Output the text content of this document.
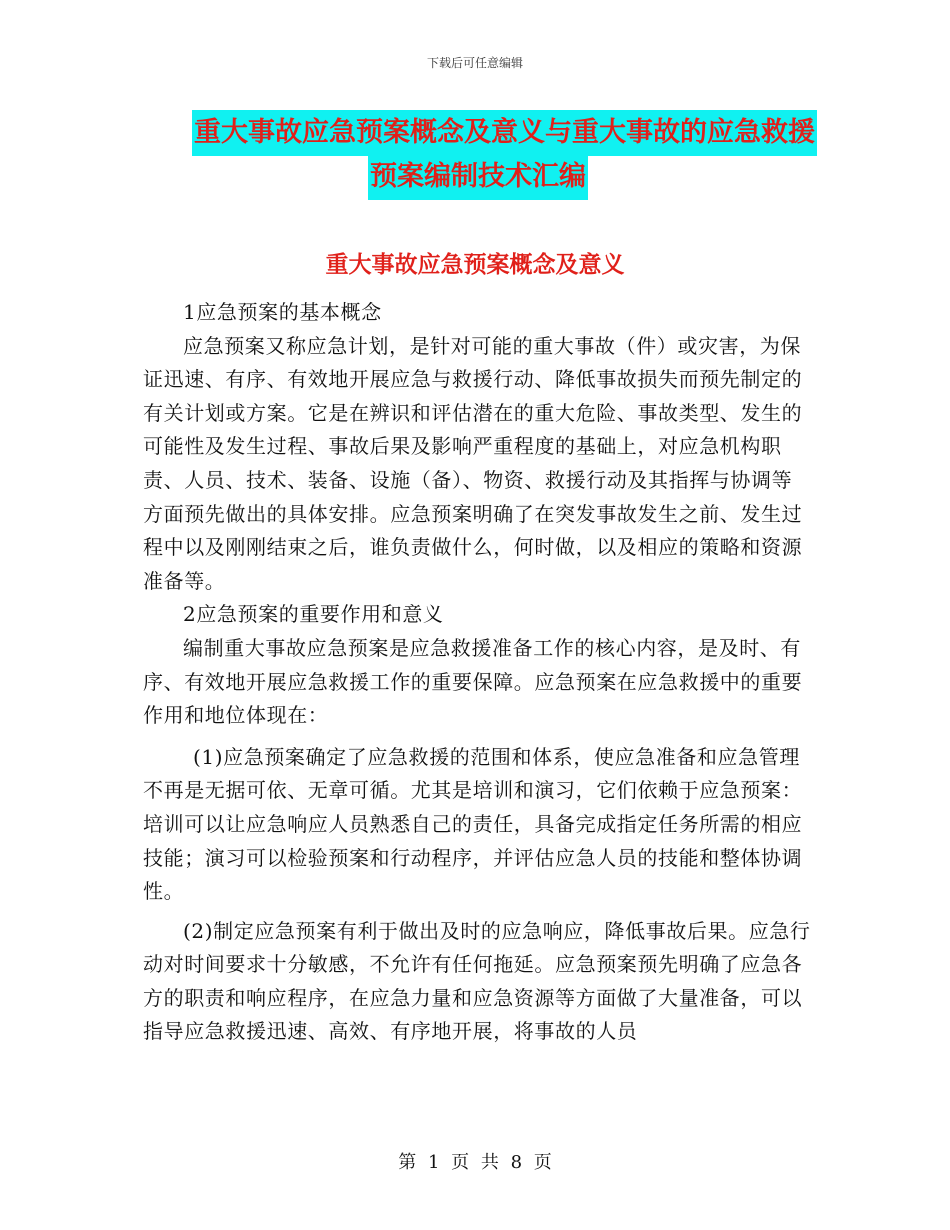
下载后可任意编辑
重大事故应急预案概念及意义与重大事故的应急救援
预案编制技术汇编
重大事故应急预案概念及意义

1应急预案的基本概念

应急预案又称应急计划，是针对可能的重大事故（件）或灾害，为保证迅速、有序、有效地开展应急与救援行动、降低事故损失而预先制定的有关计划或方案。它是在辨识和评估潜在的重大危险、事故类型、发生的可能性及发生过程、事故后果及影响严重程度的基础上，对应急机构职责、人员、技术、装备、设施（备）、物资、救援行动及其指挥与协调等方面预先做出的具体安排。应急预案明确了在突发事故发生之前、发生过程中以及刚刚结束之后，谁负责做什么，何时做，以及相应的策略和资源准备等。

2应急预案的重要作用和意义

编制重大事故应急预案是应急救援准备工作的核心内容，是及时、有序、有效地开展应急救援工作的重要保障。应急预案在应急救援中的重要作用和地位体现在：

(1)应急预案确定了应急救援的范围和体系，使应急准备和应急管理不再是无据可依、无章可循。尤其是培训和演习，它们依赖于应急预案：培训可以让应急响应人员熟悉自己的责任，具备完成指定任务所需的相应技能；演习可以检验预案和行动程序，并评估应急人员的技能和整体协调性。

(2)制定应急预案有利于做出及时的应急响应，降低事故后果。应急行动对时间要求十分敏感，不允许有任何拖延。应急预案预先明确了应急各方的职责和响应程序，在应急力量和应急资源等方面做了大量准备，可以指导应急救援迅速、高效、有序地开展，将事故的人员

第 1 页 共 8 页
